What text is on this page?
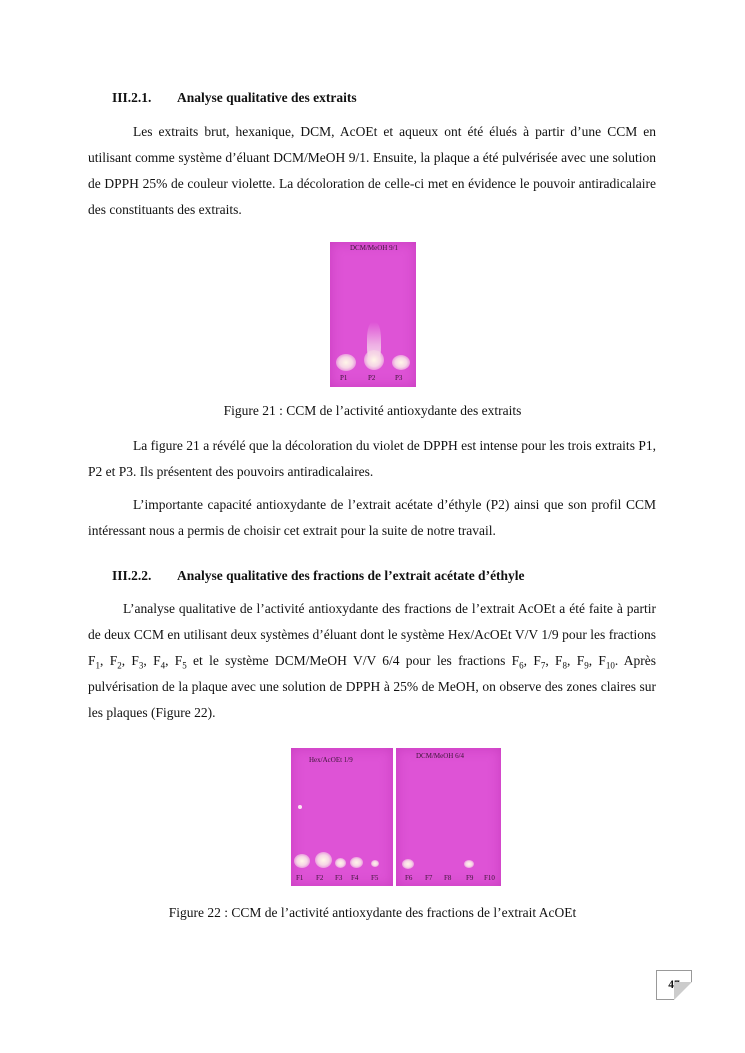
III.2.1. Analyse qualitative des extraits

Les extraits brut, hexanique, DCM, AcOEt et aqueux ont été élués à partir d’une CCM en utilisant comme système d’éluant DCM/MeOH 9/1. Ensuite, la plaque a été pulvérisée avec une solution de DPPH 25% de couleur violette. La décoloration de celle-ci met en évidence le pouvoir antiradicalaire des constituants des extraits.

DCM/MeOH 9/1
P1	P2	P3
Figure 21 : CCM de l’activité antioxydante des extraits

La figure 21 a révélé que la décoloration du violet de DPPH est intense pour les trois extraits P1, P2 et P3. Ils présentent des pouvoirs antiradicalaires.

L’importante capacité antioxydante de l’extrait acétate d’éthyle (P2) ainsi que son profil CCM intéressant nous a permis de choisir cet extrait pour la suite de notre travail.

III.2.2. Analyse qualitative des fractions de l’extrait acétate d’éthyle

L’analyse qualitative de l’activité antioxydante des fractions de l’extrait AcOEt a été faite à partir de deux CCM en utilisant deux systèmes d’éluant dont le système Hex/AcOEt V/V 1/9 pour les fractions $F_1$, $F_2$, $F_3$, $F_4$, $F_5$ et le système DCM/MeOH V/V 6/4 pour les fractions $F_6$, $F_7$, $F_8$, $F_9$, $F_{10}$. Après pulvérisation de la plaque avec une solution de DPPH à 25% de MeOH, on observe des zones claires sur les plaques (Figure 22).

Hex/AcOEt 1/9
F1 F2 F3 F4 F5
DCM/MeOH 6/4
F6 F7 F8 F9 F10
Figure 22 : CCM de l’activité antioxydante des fractions de l’extrait AcOEt
47
